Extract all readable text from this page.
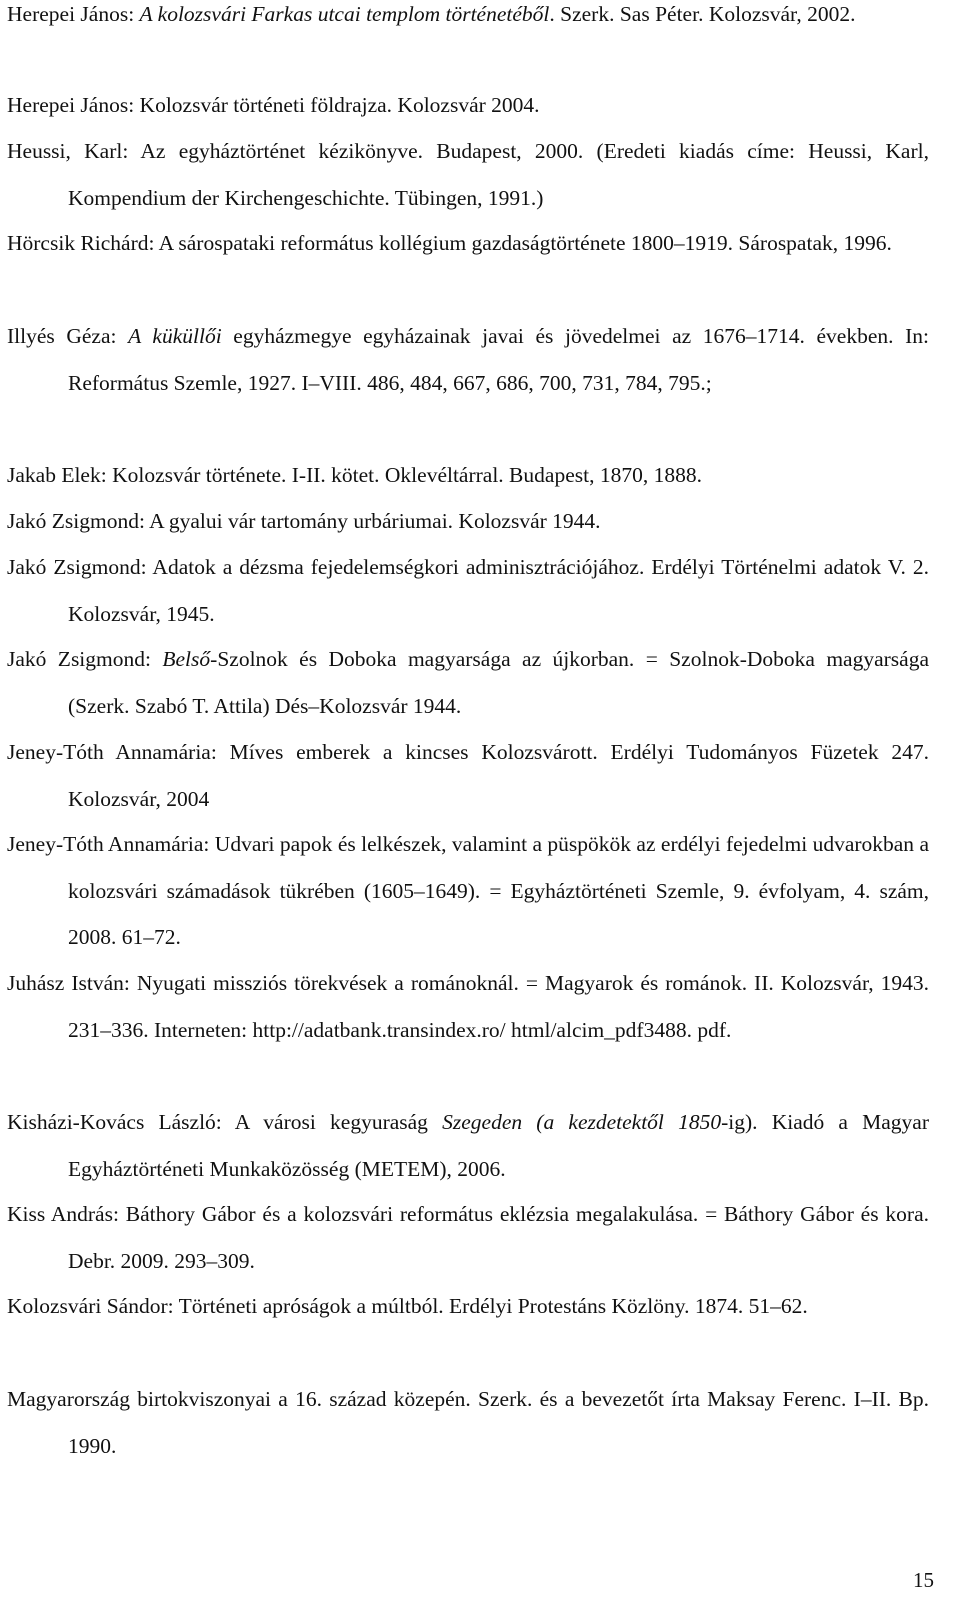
Herepei János: A kolozsvári Farkas utcai templom történetéből. Szerk. Sas Péter. Kolozsvár, 2002.
Herepei János: Kolozsvár történeti földrajza. Kolozsvár 2004.
Heussi, Karl: Az egyháztörténet kézikönyve. Budapest, 2000. (Eredeti kiadás címe: Heussi, Karl, Kompendium der Kirchengeschichte. Tübingen, 1991.)
Hörcsik Richárd: A sárospataki református kollégium gazdaságtörténete 1800–1919. Sárospatak, 1996.
Illyés Géza: A küküllői egyházmegye egyházainak javai és jövedelmei az 1676–1714. években. In: Református Szemle, 1927. I–VIII. 486, 484, 667, 686, 700, 731, 784, 795.;
Jakab Elek: Kolozsvár története. I-II. kötet. Oklevéltárral. Budapest, 1870, 1888.
Jakó Zsigmond: A gyalui vár tartomány urbáriumai. Kolozsvár 1944.
Jakó Zsigmond: Adatok a dézsma fejedelemségkori adminisztrációjához. Erdélyi Történelmi adatok V. 2. Kolozsvár, 1945.
Jakó Zsigmond: Belső-Szolnok és Doboka magyarsága az újkorban. = Szolnok-Doboka magyarsága (Szerk. Szabó T. Attila) Dés–Kolozsvár 1944.
Jeney-Tóth Annamária: Míves emberek a kincses Kolozsvárott. Erdélyi Tudományos Füzetek 247. Kolozsvár, 2004
Jeney-Tóth Annamária: Udvari papok és lelkészek, valamint a püspökök az erdélyi fejedelmi udvarokban a kolozsvári számadások tükrében (1605–1649). = Egyháztörténeti Szemle, 9. évfolyam, 4. szám, 2008. 61–72.
Juhász István: Nyugati missziós törekvések a románoknál. = Magyarok és románok. II. Kolozsvár, 1943. 231–336. Interneten: http://adatbank.transindex.ro/ html/alcim_pdf3488. pdf.
Kisházi-Kovács László: A városi kegyuraság Szegeden (a kezdetektől 1850-ig). Kiadó a Magyar Egyháztörténeti Munkaközösség (METEM), 2006.
Kiss András: Báthory Gábor és a kolozsvári református eklézsia megalakulása. = Báthory Gábor és kora. Debr. 2009. 293–309.
Kolozsvári Sándor: Történeti apróságok a múltból. Erdélyi Protestáns Közlöny. 1874. 51–62.
Magyarország birtokviszonyai a 16. század közepén. Szerk. és a bevezetőt írta Maksay Ferenc. I–II. Bp. 1990.
15
